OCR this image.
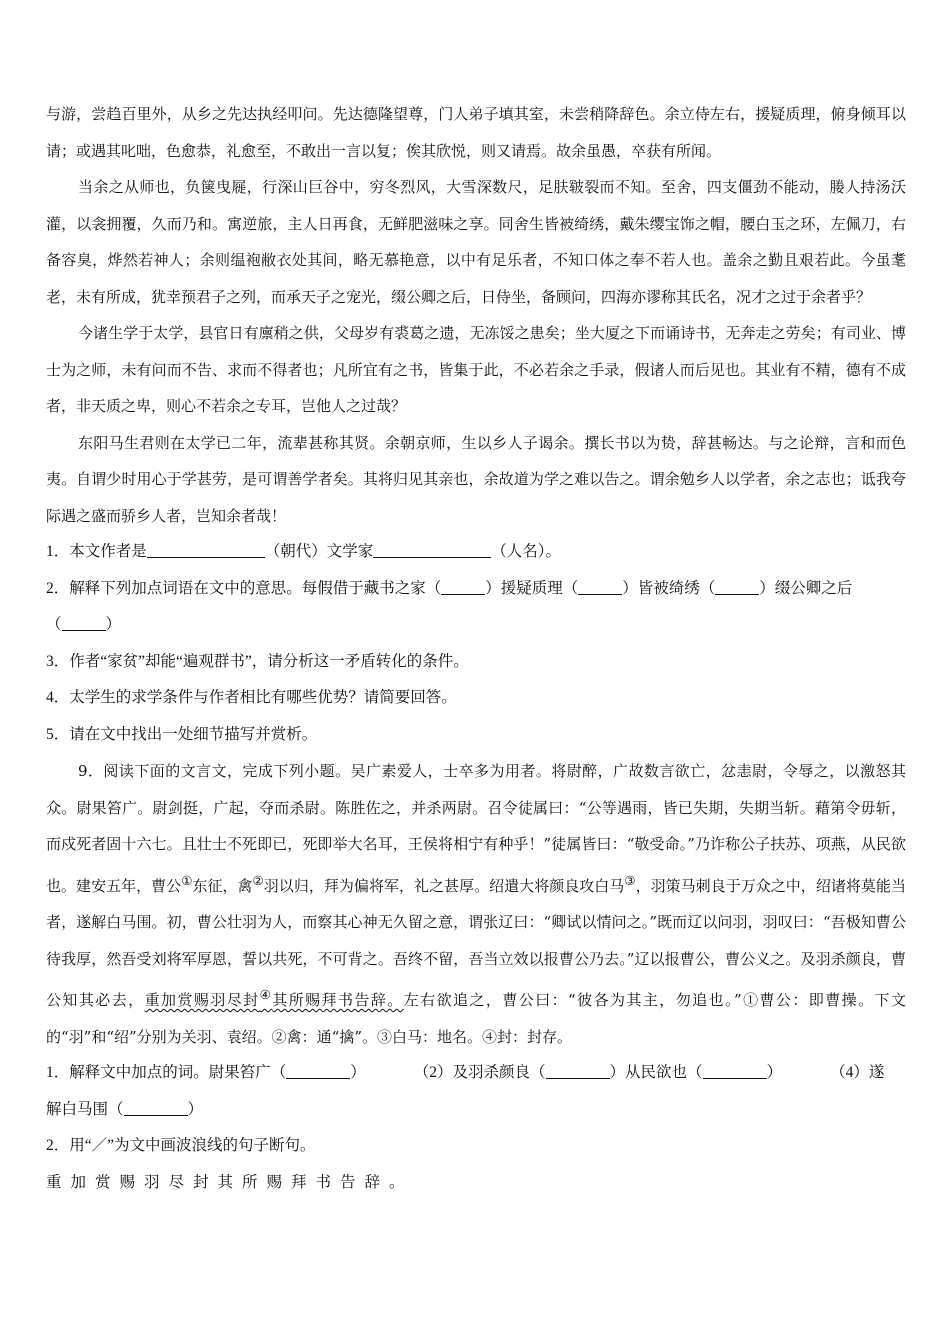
与游，尝趋百里外，从乡之先达执经叩问。先达德隆望尊，门人弟子填其室，未尝稍降辞色。余立侍左右，援疑质理，俯身倾耳以请；或遇其叱咄，色愈恭，礼愈至，不敢出一言以复；俟其欣悦，则又请焉。故余虽愚，卒获有所闻。

当余之从师也，负箧曳屣，行深山巨谷中，穷冬烈风，大雪深数尺，足肤皲裂而不知。至舍，四支僵劲不能动，媵人持汤沃灌，以衾拥覆，久而乃和。寓逆旅，主人日再食，无鲜肥滋味之享。同舍生皆被绮绣，戴朱缨宝饰之帽，腰白玉之环，左佩刀，右备容臭，烨然若神人；余则缊袍敝衣处其间，略无慕艳意，以中有足乐者，不知口体之奉不若人也。盖余之勤且艰若此。今虽耄老，未有所成，犹幸预君子之列，而承天子之宠光，缀公卿之后，日侍坐，备顾问，四海亦谬称其氏名，况才之过于余者乎？

今诸生学于太学，县官日有廪稍之供，父母岁有裘葛之遗，无冻馁之患矣；坐大厦之下而诵诗书，无奔走之劳矣；有司业、博士为之师，未有问而不告、求而不得者也；凡所宜有之书，皆集于此，不必若余之手录，假诸人而后见也。其业有不精，德有不成者，非天质之卑，则心不若余之专耳，岂他人之过哉？

东阳马生君则在太学已二年，流辈甚称其贤。余朝京师，生以乡人子谒余。撰长书以为贽，辞甚畅达。与之论辩，言和而色夷。自谓少时用心于学甚劳，是可谓善学者矣。其将归见其亲也，余故道为学之难以告之。谓余勉乡人以学者，余之志也；诋我夸际遇之盛而骄乡人者，岂知余者哉！

1．本文作者是	（朝代）文学家	（人名）。

2．解释下列加点词语在文中的意思。每假借于藏书之家（	）援疑质理（	）皆被绮绣（	）缀公卿之后
（	）

3．作者“家贫”却能“遍观群书”，请分析这一矛盾转化的条件。

4．太学生的求学条件与作者相比有哪些优势？请简要回答。

5．请在文中找出一处细节描写并赏析。

9．阅读下面的文言文，完成下列小题。吴广素爱人，士卒多为用者。将尉醉，广故数言欲亡，忿恚尉，令辱之，以激怒其众。尉果笞广。尉剑挺，广起，夺而杀尉。陈胜佐之，并杀两尉。召令徒属曰：“公等遇雨，皆已失期，失期当斩。藉第令毋斩，而戍死者固十六七。且壮士不死即已，死即举大名耳，王侯将相宁有种乎！”徒属皆曰：“敬受命。”乃诈称公子扶苏、项燕，从民欲也。建安五年，曹公①东征，禽②羽以归，拜为偏将军，礼之甚厚。绍遣大将颜良攻白马③，羽策马刺良于万众之中，绍诸将莫能当者，遂解白马围。初，曹公壮羽为人，而察其心神无久留之意，谓张辽曰：“卿试以情问之。”既而辽以问羽，羽叹曰：“吾极知曹公待我厚，然吾受刘将军厚恩，誓以共死，不可背之。吾终不留，吾当立效以报曹公乃去。”辽以报曹公，曹公义之。及羽杀颜良，曹公知其必去，重加赏赐羽尽封④其所赐拜书告辞。左右欲追之，曹公曰：“彼各为其主，勿追也。”①曹公：即曹操。下文的“羽”和“绍”分别为关羽、袁绍。②禽：通“擒”。③白马：地名。④封：封存。

1．解释文中加点的词。尉果笞广（	）	（2）及羽杀颜良（	）从民欲也（	）	（4）遂
解白马围（	）

2．用“／”为文中画波浪线的句子断句。

重加赏赐羽尽封其所赐拜书告辞。
